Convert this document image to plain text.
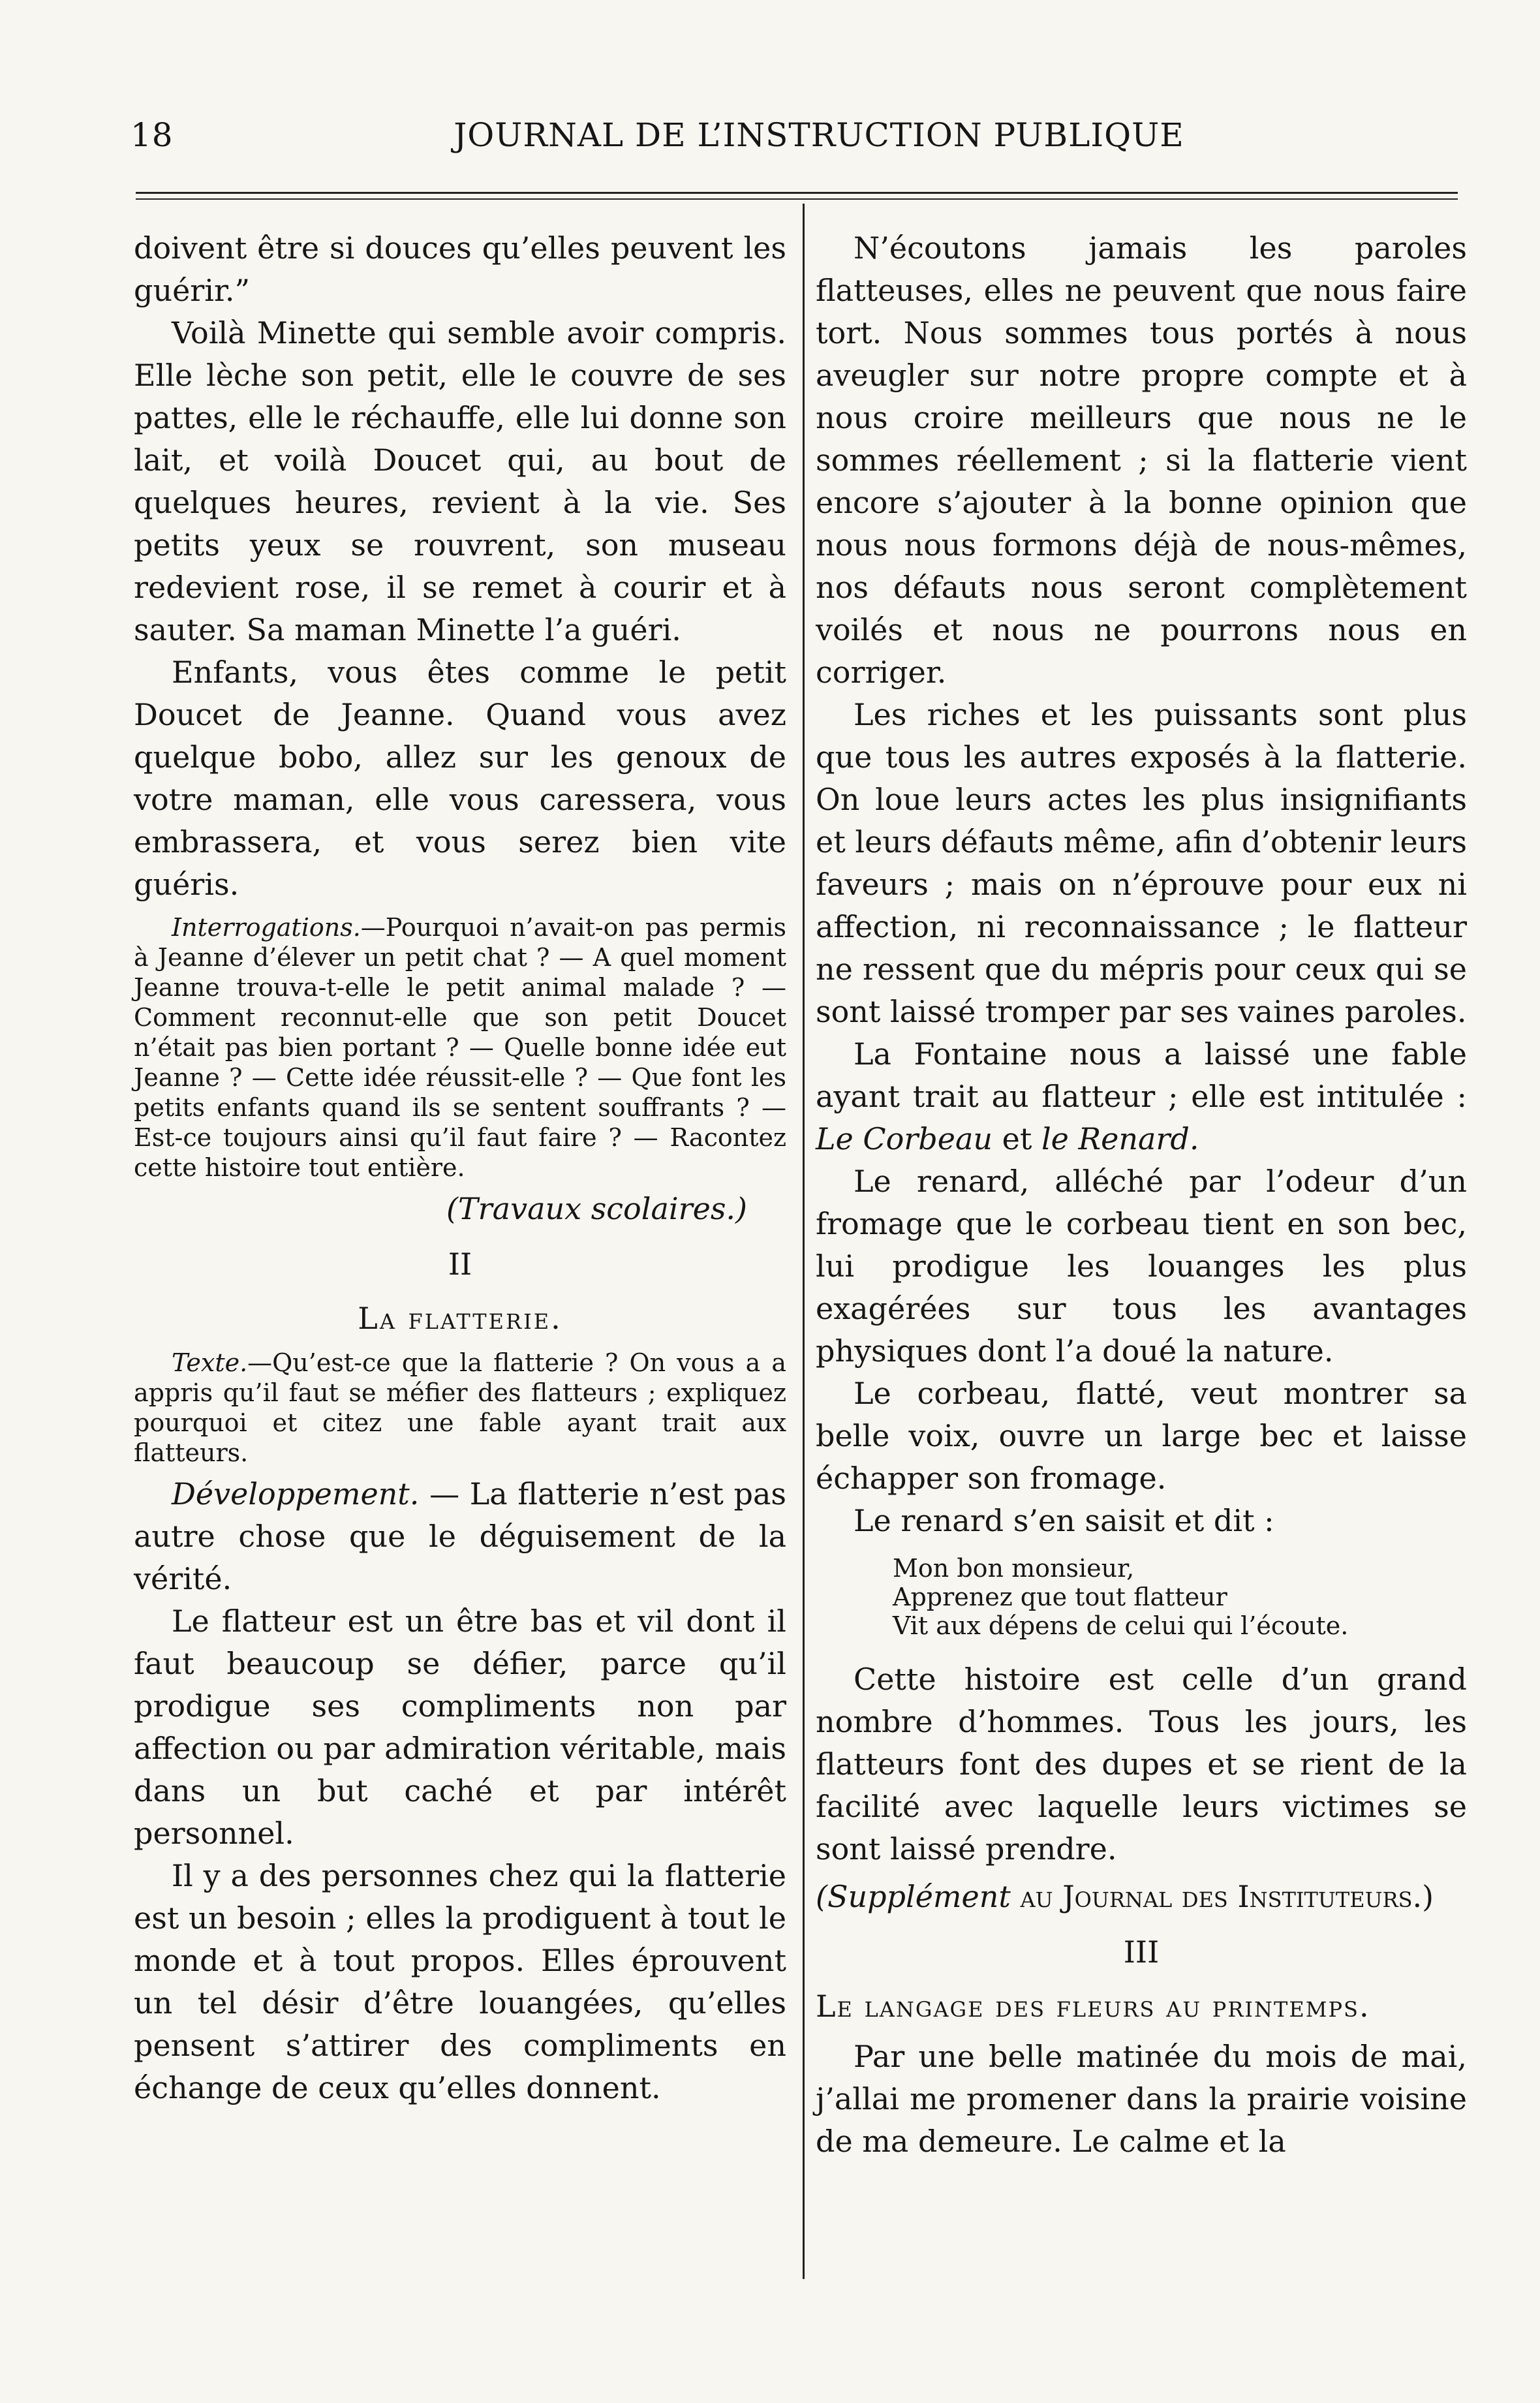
18	JOURNAL DE L’INSTRUCTION PUBLIQUE

doivent être si douces qu’elles peuvent les guérir.”

Voilà Minette qui semble avoir compris. Elle lèche son petit, elle le couvre de ses pattes, elle le réchauffe, elle lui donne son lait, et voilà Doucet qui, au bout de quelques heures, revient à la vie. Ses petits yeux se rouvrent, son museau redevient rose, il se remet à courir et à sauter. Sa maman Minette l’a guéri.

Enfants, vous êtes comme le petit Doucet de Jeanne. Quand vous avez quelque bobo, allez sur les genoux de votre maman, elle vous caressera, vous embrassera, et vous serez bien vite guéris.

Interrogations.—Pourquoi n’avait-on pas permis à Jeanne d’élever un petit chat ? — A quel moment Jeanne trouva-t-elle le petit animal malade ? — Comment reconnut-elle que son petit Doucet n’était pas bien portant ? — Quelle bonne idée eut Jeanne ? — Cette idée réussit-elle ? — Que font les petits enfants quand ils se sentent souffrants ? — Est-ce toujours ainsi qu’il faut faire ? — Racontez cette histoire tout entière.

(Travaux scolaires.)

II

La flatterie.

Texte.—Qu’est-ce que la flatterie ? On vous a a appris qu’il faut se méfier des flatteurs ; expliquez pourquoi et citez une fable ayant trait aux flatteurs.

Développement. — La flatterie n’est pas autre chose que le déguisement de la vérité.

Le flatteur est un être bas et vil dont il faut beaucoup se défier, parce qu’il prodigue ses compliments non par affection ou par admiration véritable, mais dans un but caché et par intérêt personnel.

Il y a des personnes chez qui la flatterie est un besoin ; elles la prodiguent à tout le monde et à tout propos. Elles éprouvent un tel désir d’être louangées, qu’elles pensent s’attirer des compliments en échange de ceux qu’elles donnent.

N’écoutons jamais les paroles flatteuses, elles ne peuvent que nous faire tort. Nous sommes tous portés à nous aveugler sur notre propre compte et à nous croire meilleurs que nous ne le sommes réellement ; si la flatterie vient encore s’ajouter à la bonne opinion que nous nous formons déjà de nous-mêmes, nos défauts nous seront complètement voilés et nous ne pourrons nous en corriger.

Les riches et les puissants sont plus que tous les autres exposés à la flatterie. On loue leurs actes les plus insignifiants et leurs défauts même, afin d’obtenir leurs faveurs ; mais on n’éprouve pour eux ni affection, ni reconnaissance ; le flatteur ne ressent que du mépris pour ceux qui se sont laissé tromper par ses vaines paroles.

La Fontaine nous a laissé une fable ayant trait au flatteur ; elle est intitulée : Le Corbeau et le Renard.

Le renard, alléché par l’odeur d’un fromage que le corbeau tient en son bec, lui prodigue les louanges les plus exagérées sur tous les avantages physiques dont l’a doué la nature.

Le corbeau, flatté, veut montrer sa belle voix, ouvre un large bec et laisse échapper son fromage.

Le renard s’en saisit et dit :

Mon bon monsieur,
Apprenez que tout flatteur
Vit aux dépens de celui qui l’écoute.

Cette histoire est celle d’un grand nombre d’hommes. Tous les jours, les flatteurs font des dupes et se rient de la facilité avec laquelle leurs victimes se sont laissé prendre.

(Supplément au Journal des Instituteurs.)

III

Le langage des fleurs au printemps.

Par une belle matinée du mois de mai, j’allai me promener dans la prairie voisine de ma demeure. Le calme et la
